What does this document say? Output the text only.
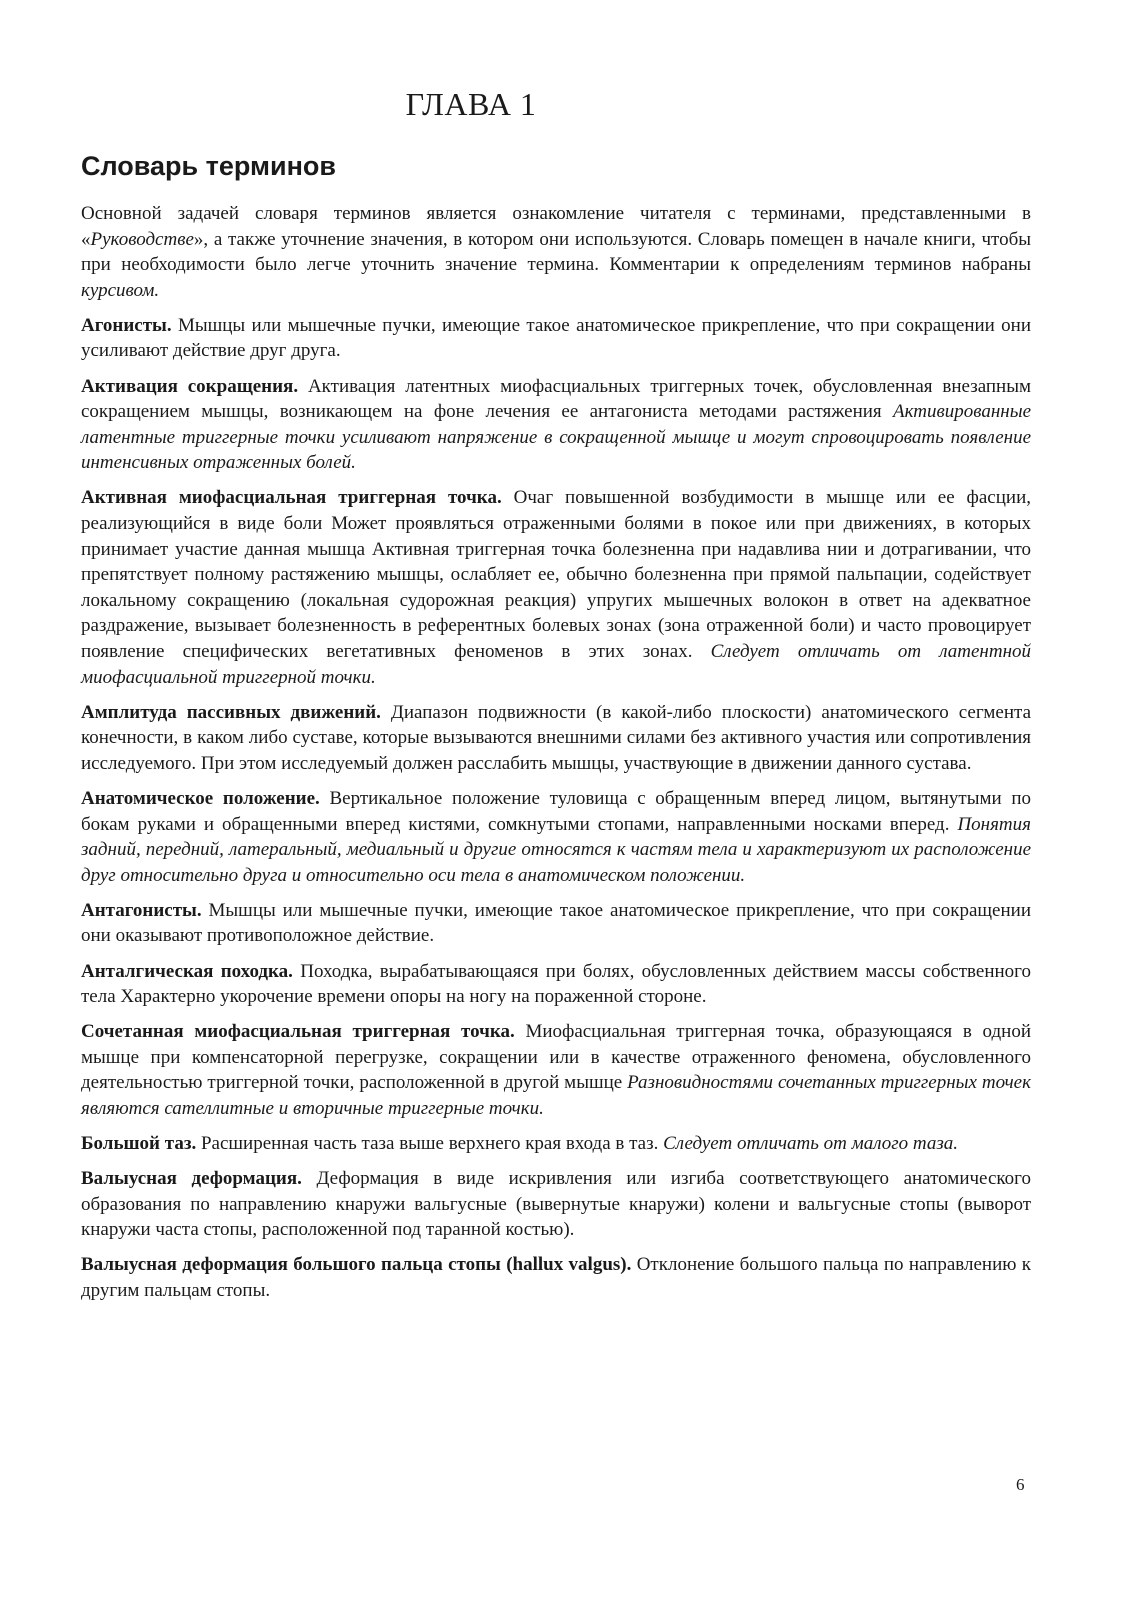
ГЛАВА 1
Словарь терминов

Основной задачей словаря терминов является ознакомление читателя с терминами, представленными в «Руководстве», а также уточнение значения, в котором они используются. Словарь помещен в начале книги, чтобы при необходимости было легче уточнить значение термина. Комментарии к определениям терминов набраны курсивом.

Агонисты. Мышцы или мышечные пучки, имеющие такое анатомическое прикрепление, что при сокращении они усиливают действие друг друга.

Активация сокращения. Активация латентных миофасциальных триггерных точек, обусловленная внезапным сокращением мышцы, возникающем на фоне лечения ее антагониста методами растяжения Активированные латентные триггерные точки усиливают напряжение в сокращенной мышце и могут спровоцировать появление интенсивных отраженных болей.

Активная миофасциальная триггерная точка. Очаг повышенной возбудимости в мышце или ее фасции, реализующийся в виде боли Может проявляться отраженными болями в покое или при движениях, в которых принимает участие данная мышца Активная триггерная точка болезненна при надавлива нии и дотрагивании, что препятствует полному растяжению мышцы, ослабляет ее, обычно болезненна при прямой пальпации, содействует локальному сокращению (локальная судорожная реакция) упругих мышечных волокон в ответ на адекватное раздражение, вызывает болезненность в референтных болевых зонах (зона отраженной боли) и часто провоцирует появление специфических вегетативных феноменов в этих зонах. Следует отличать от латентной миофасциальной триггерной точки.

Амплитуда пассивных движений. Диапазон подвижности (в какой-либо плоскости) анатомического сегмента конечности, в каком либо суставе, которые вызываются внешними силами без активного участия или сопротивления исследуемого. При этом исследуемый должен расслабить мышцы, участвующие в движении данного сустава.

Анатомическое положение. Вертикальное положение туловища с обращенным вперед лицом, вытянутыми по бокам руками и обращенными вперед кистями, сомкнутыми стопами, направленными носками вперед. Понятия задний, передний, латеральный, медиальный и другие относятся к частям тела и характеризуют их расположение друг относительно друга и относительно оси тела в анатомическом положении.

Антагонисты. Мышцы или мышечные пучки, имеющие такое анатомическое прикрепление, что при сокращении они оказывают противоположное действие.

Анталгическая походка. Походка, вырабатывающаяся при болях, обусловленных действием массы собственного тела Характерно укорочение времени опоры на ногу на пораженной стороне.

Сочетанная миофасциальная триггерная точка. Миофасциальная триггерная точка, образующаяся в одной мышце при компенсаторной перегрузке, сокращении или в качестве отраженного феномена, обусловленного деятельностью триггерной точки, расположенной в другой мышце Разновидностями сочетанных триггерных точек являются сателлитные и вторичные триггерные точки.

Большой таз. Расширенная часть таза выше верхнего края входа в таз. Следует отличать от малого таза.

Валыусная деформация. Деформация в виде искривления или изгиба соответствующего анатомического образования по направлению кнаружи вальгусные (вывернутые кнаружи) колени и вальгусные стопы (выворот кнаружи часта стопы, расположенной под таранной костью).

Валыусная деформация большого пальца стопы (hallux valgus). Отклонение большого пальца по направлению к другим пальцам стопы.

6
